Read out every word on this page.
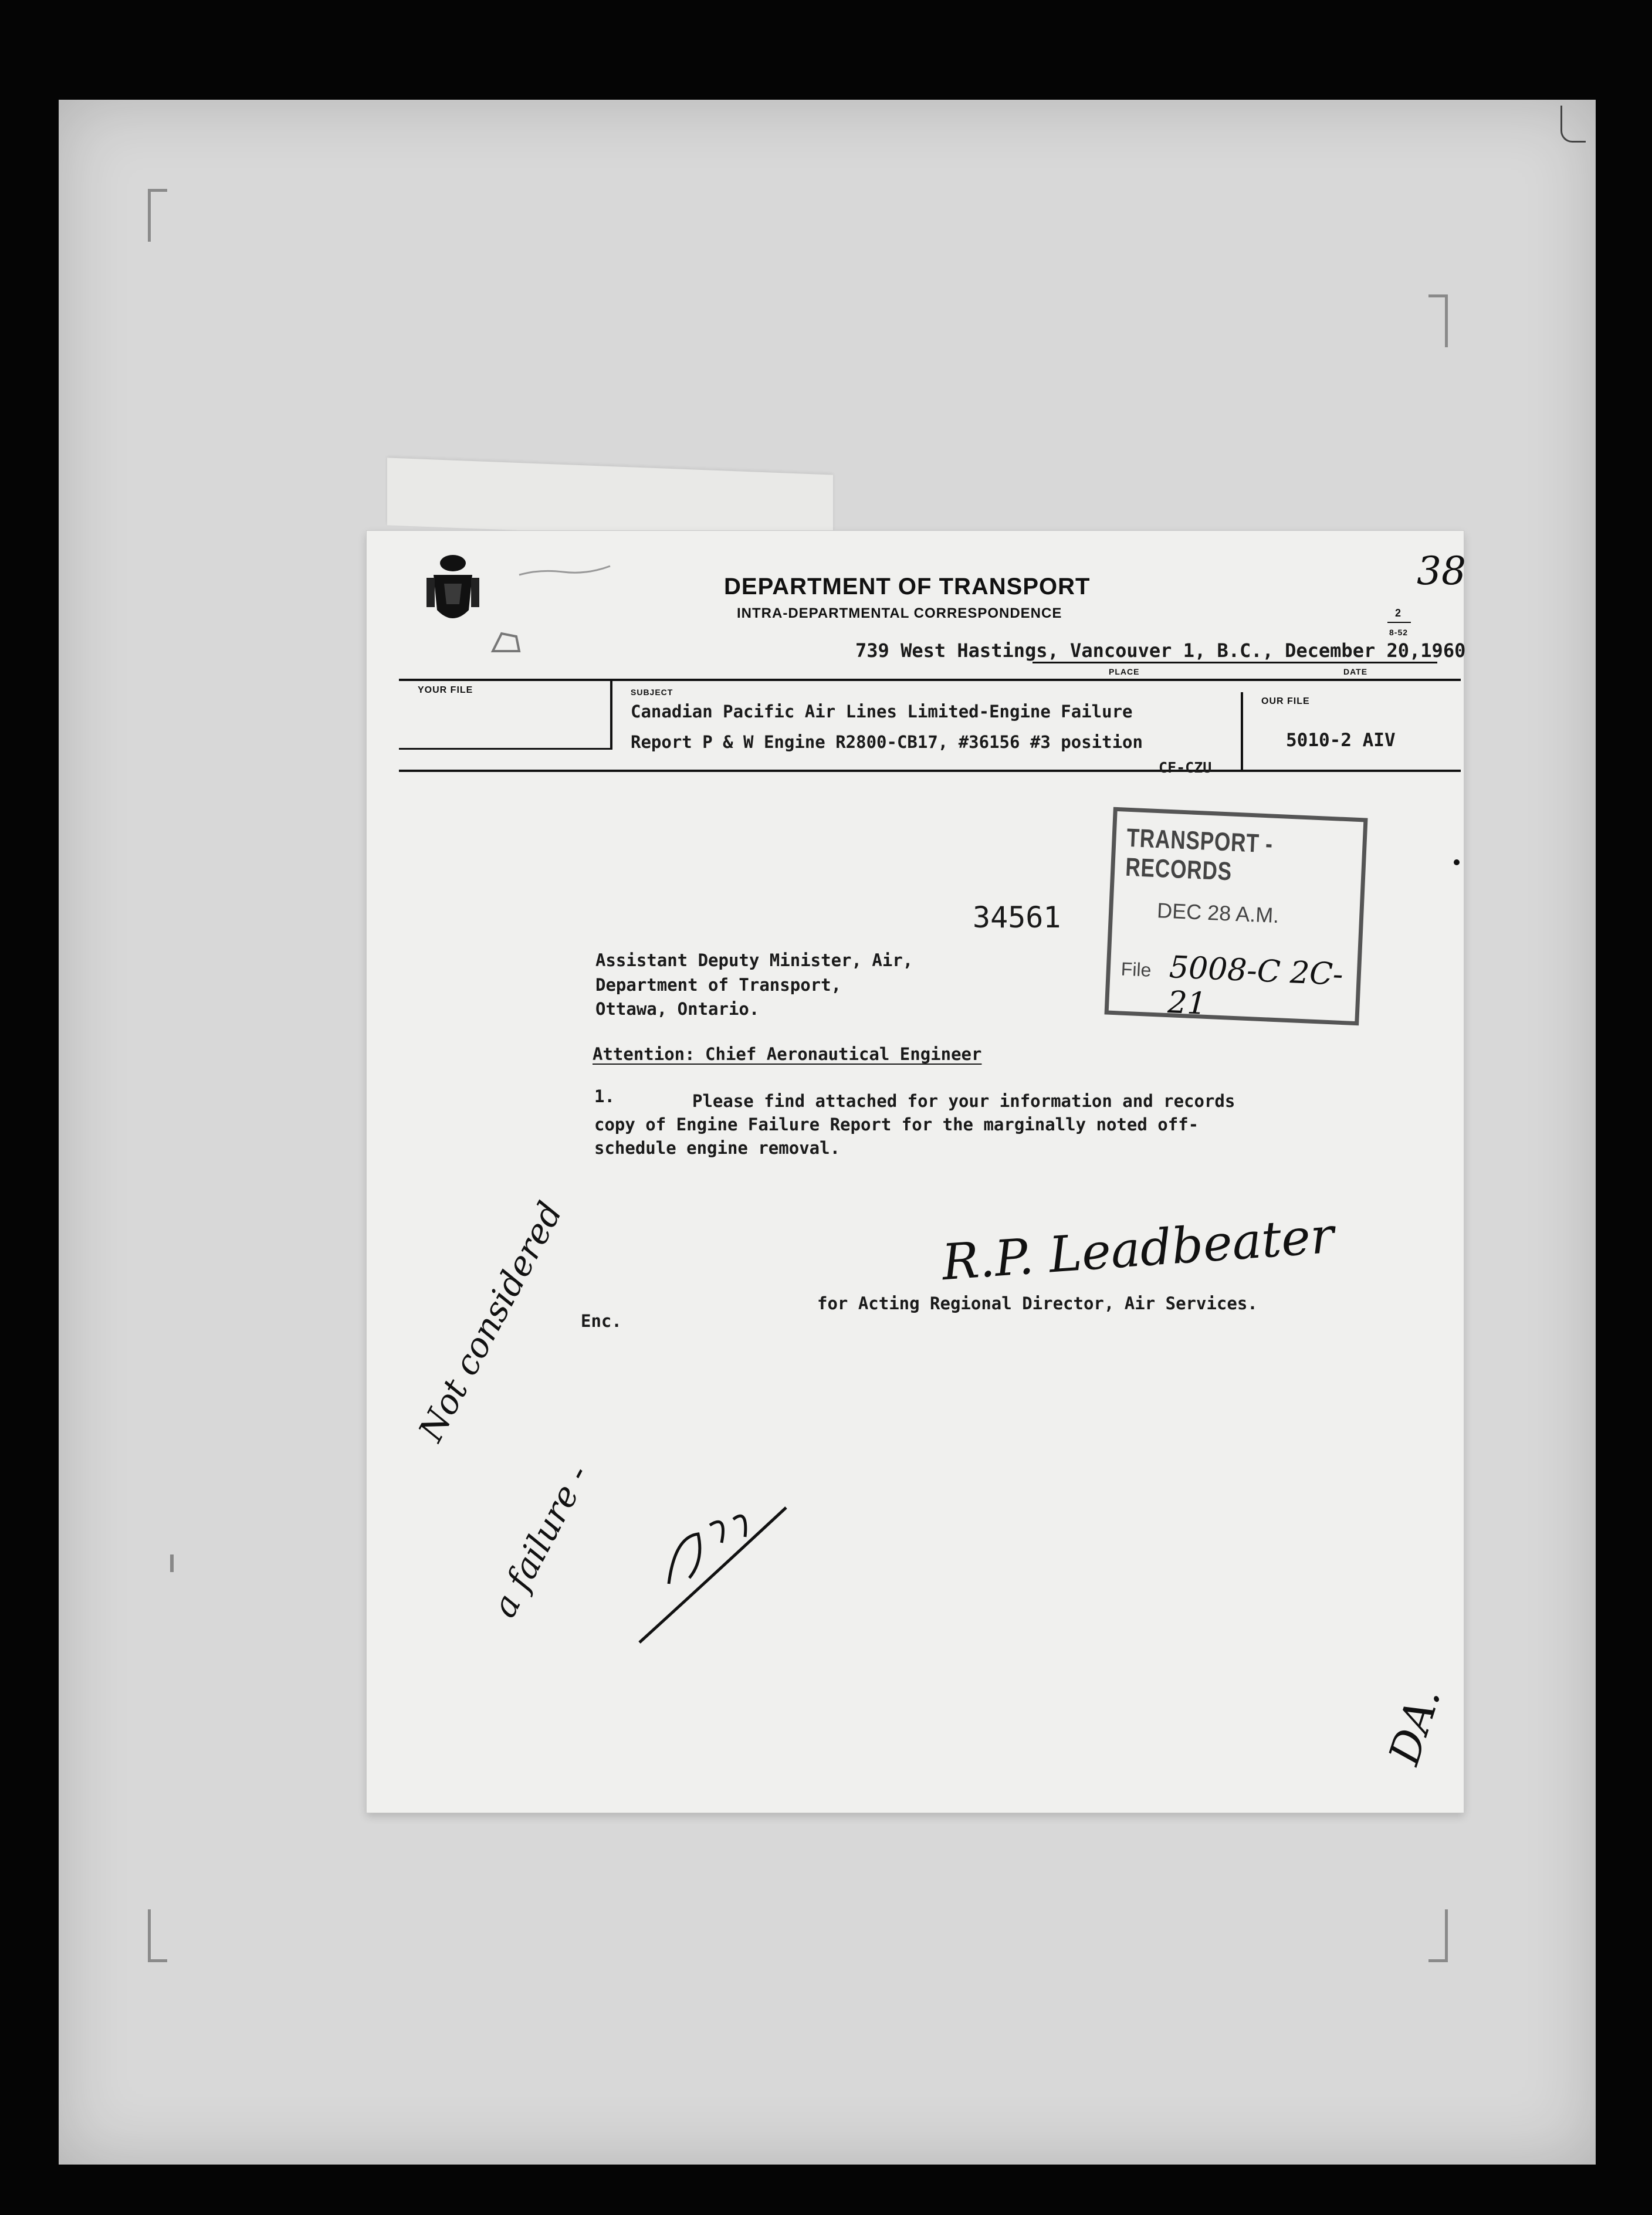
DEPARTMENT OF TRANSPORT
INTRA-DEPARTMENTAL CORRESPONDENCE	2
8-52
38
739 West Hastings, Vancouver 1, B.C., December 20,1960
PLACE	DATE
YOUR FILE	SUBJECT
Canadian Pacific Air Lines Limited-Engine Failure
Report P & W Engine R2800-CB17, #36156 #3 position
CF-CZU
OUR FILE
5010-2 AIV
TRANSPORT - RECORDS
DEC 28 A.M.
File 5008-C 2C-21
34561
Assistant Deputy Minister, Air,
Department of Transport,
Ottawa, Ontario.
Attention: Chief Aeronautical Engineer
1.	Please find attached for your information and records
copy of Engine Failure Report for the marginally noted off-
schedule engine removal.
R.P. Leadbeater
for Acting Regional Director, Air Services.
Enc.
Not considered
a failure -
DA.
